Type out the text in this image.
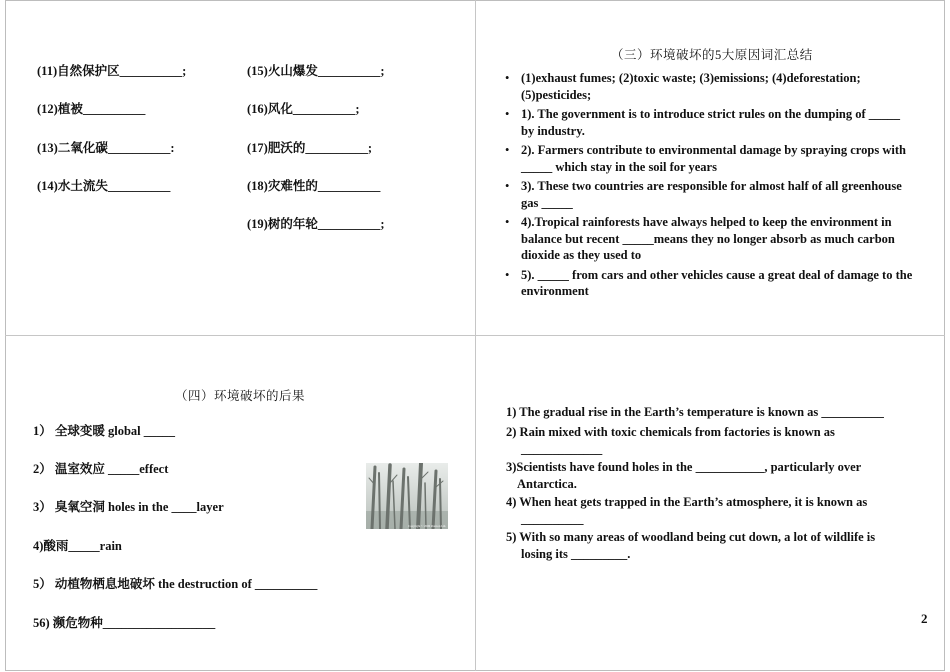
(11)自然保护区__________;
(12)植被__________
(13)二氧化碳__________:
(14)水土流失__________
(15)火山爆发__________;
(16)风化__________;
(17)肥沃的__________;
(18)灾难性的__________
(19)树的年轮__________;
（三）环境破坏的5大原因词汇总结
• (1)exhaust fumes; (2)toxic waste; (3)emissions; (4)deforestation; (5)pesticides;
• 1). The government is to introduce strict rules on the dumping of _____ by industry.
• 2). Farmers contribute to environmental damage by spraying crops with _____ which stay in the soil for years
• 3). These two countries are responsible for almost half of all greenhouse gas _____
• 4).Tropical rainforests have always helped to keep the environment in balance but recent _____means they no longer absorb as much carbon dioxide as they used to
• 5). _____ from cars and other vehicles cause a great deal of damage to the environment
（四）环境破坏的后果
1） 全球变暖 global _____
2） 温室效应 _____effect
3） 臭氧空洞 holes in the ____layer
4)酸雨_____rain
5） 动植物栖息地破坏 the destruction of __________
56) 濒危物种__________________
Copyright © 2006 Pearson Ltd.
1) The gradual rise in the Earth’s temperature is known as __________
2) Rain mixed with toxic chemicals from factories is known as
_____________
3)Scientists have found holes in the ___________, particularly over
Antarctica.
4) When heat gets trapped in the Earth’s atmosphere, it is known as
__________
5) With so many areas of woodland being cut down, a lot of wildlife is
losing its _________.
2
